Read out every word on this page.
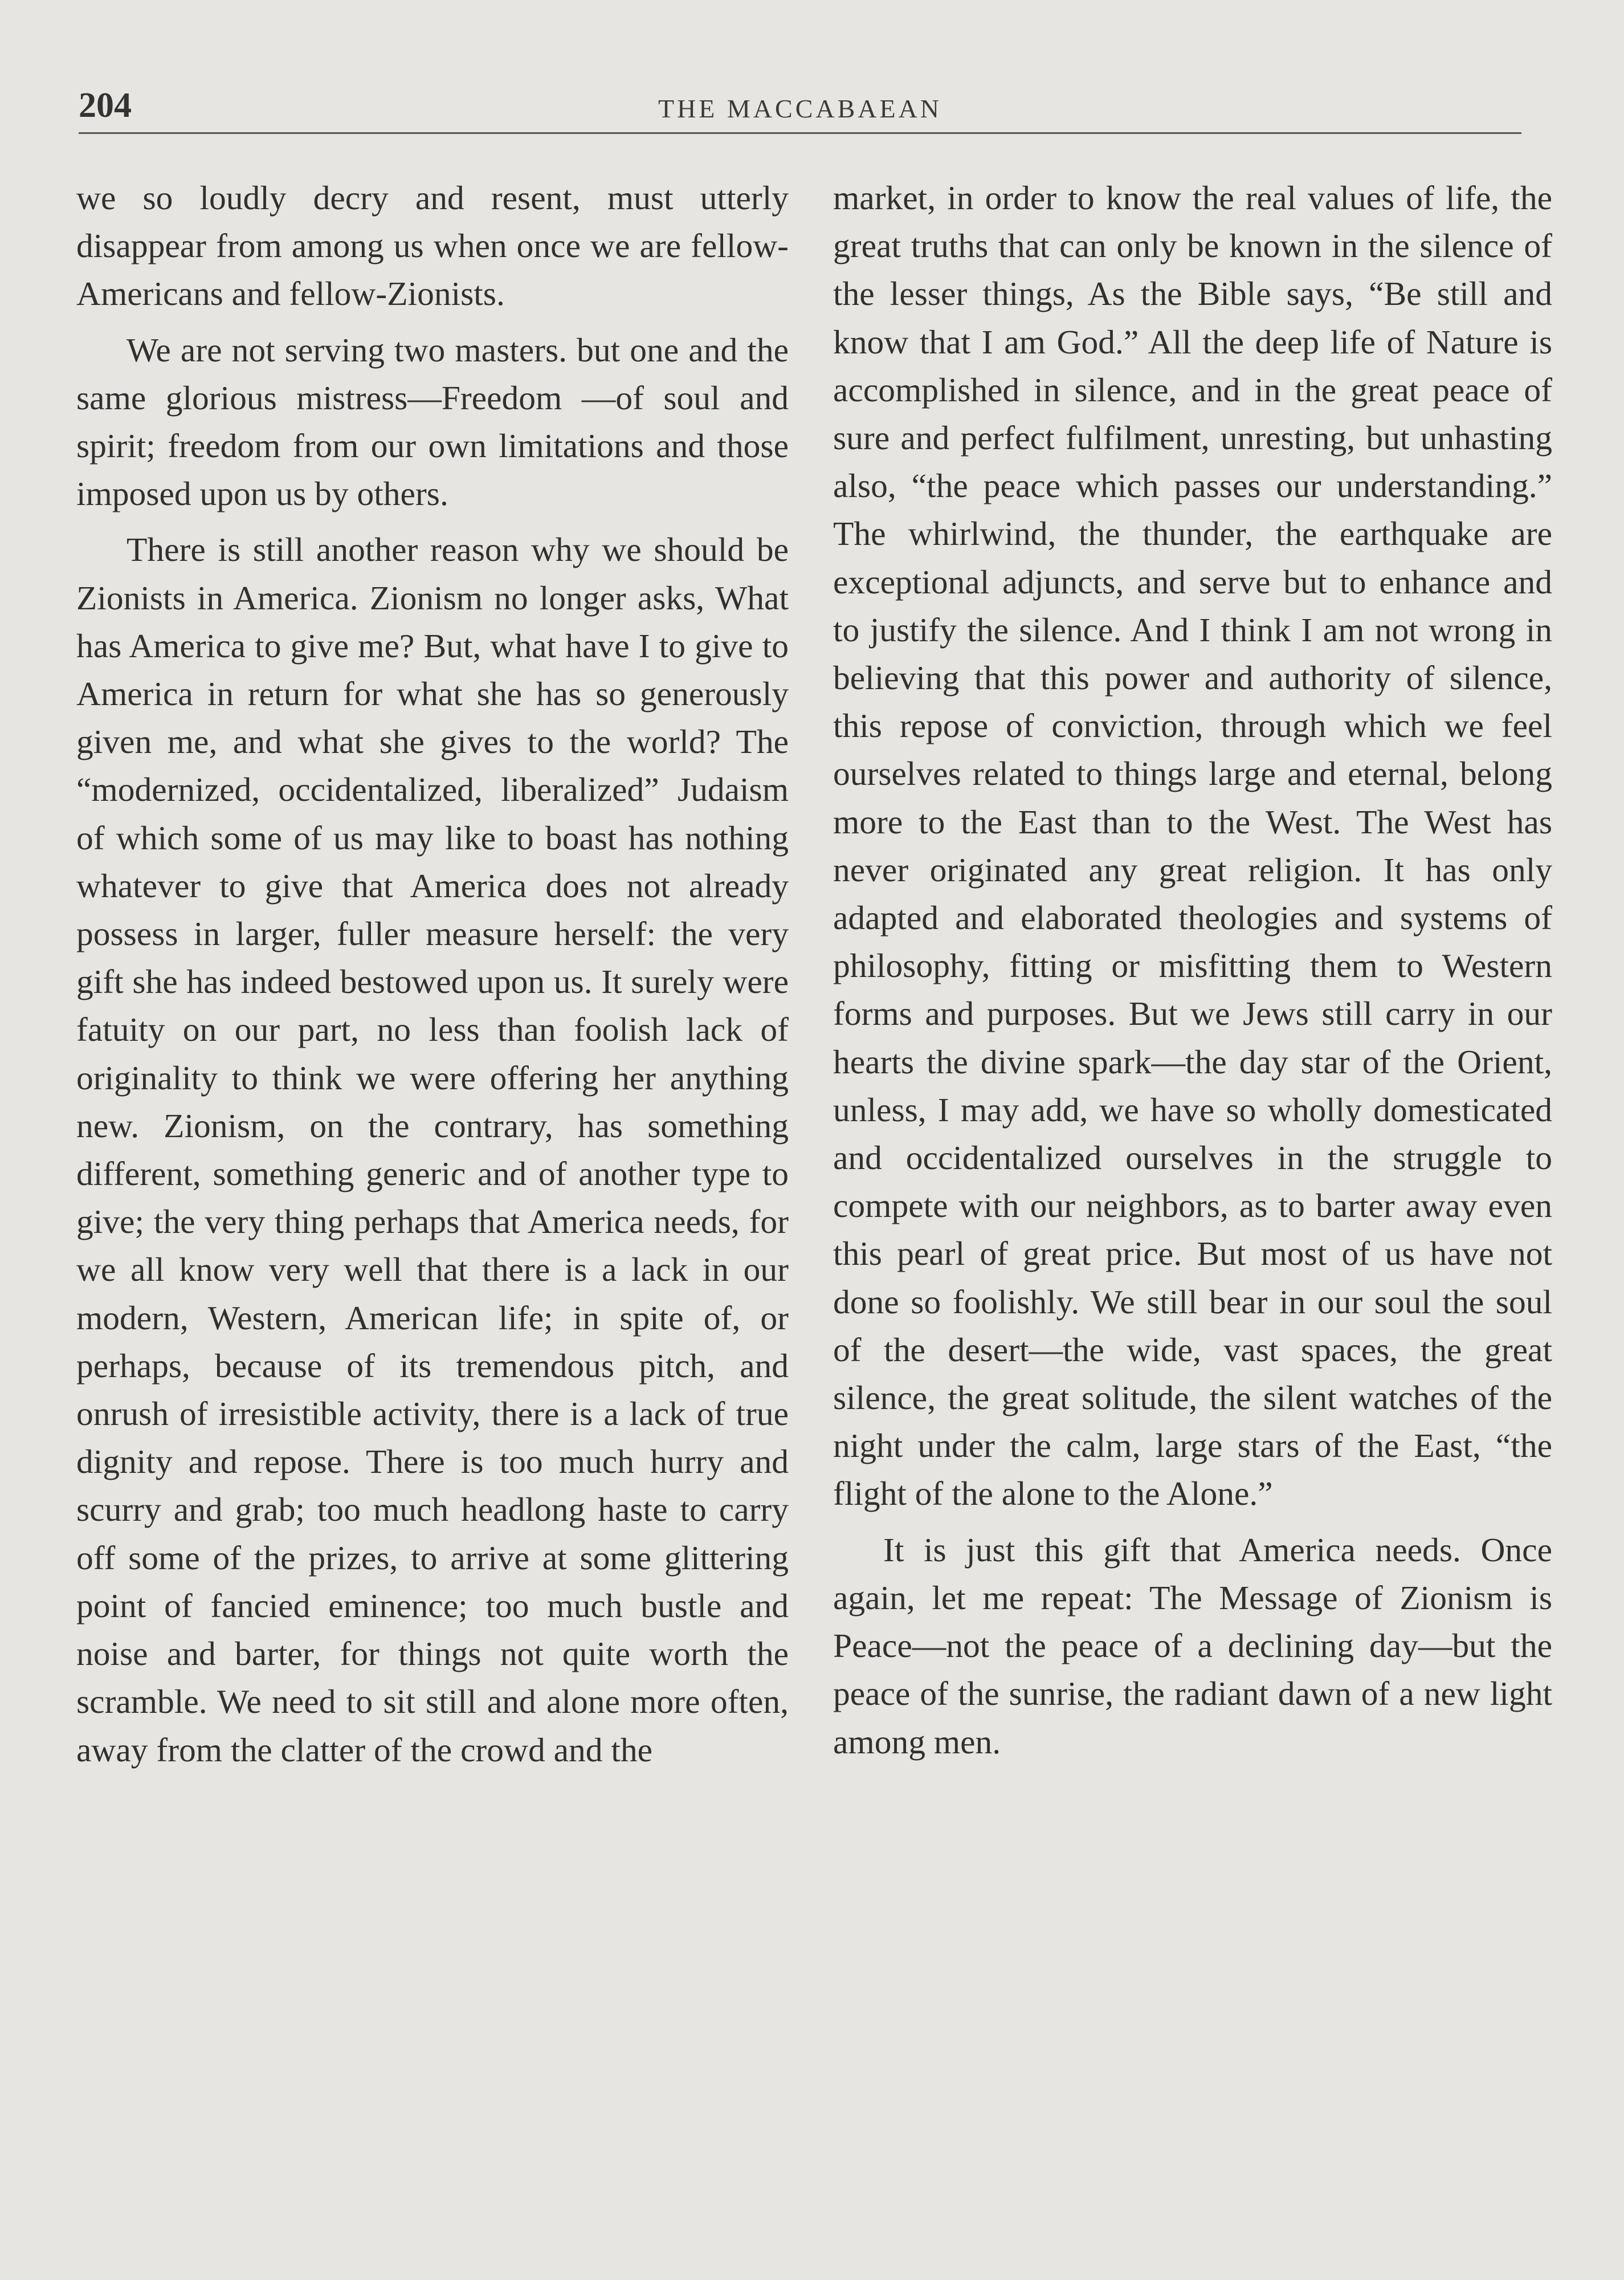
204	THE MACCABAEAN

we so loudly decry and resent, must utterly disappear from among us when once we are fellow-Americans and fellow-Zionists.

We are not serving two masters. but one and the same glorious mistress—Freedom —of soul and spirit; freedom from our own limitations and those imposed upon us by others.

There is still another reason why we should be Zionists in America. Zionism no longer asks, What has America to give me? But, what have I to give to America in return for what she has so generously given me, and what she gives to the world? The “modernized, occidentalized, liberalized” Judaism of which some of us may like to boast has nothing whatever to give that America does not already possess in larger, fuller measure herself: the very gift she has indeed bestowed upon us. It surely were fatuity on our part, no less than foolish lack of originality to think we were offering her anything new. Zionism, on the contrary, has something different, something generic and of another type to give; the very thing perhaps that America needs, for we all know very well that there is a lack in our modern, Western, American life; in spite of, or perhaps, because of its tremendous pitch, and onrush of irresistible activity, there is a lack of true dignity and repose. There is too much hurry and scurry and grab; too much headlong haste to carry off some of the prizes, to arrive at some glittering point of fancied eminence; too much bustle and noise and barter, for things not quite worth the scramble. We need to sit still and alone more often, away from the clatter of the crowd and the

market, in order to know the real values of life, the great truths that can only be known in the silence of the lesser things, As the Bible says, “Be still and know that I am God.” All the deep life of Nature is accomplished in silence, and in the great peace of sure and perfect fulfilment, unresting, but unhasting also, “the peace which passes our understanding.” The whirlwind, the thunder, the earthquake are exceptional adjuncts, and serve but to enhance and to justify the silence. And I think I am not wrong in believing that this power and authority of silence, this repose of conviction, through which we feel ourselves related to things large and eternal, belong more to the East than to the West. The West has never originated any great religion. It has only adapted and elaborated theologies and systems of philosophy, fitting or misfitting them to Western forms and purposes. But we Jews still carry in our hearts the divine spark—the day star of the Orient, unless, I may add, we have so wholly domesticated and occidentalized ourselves in the struggle to compete with our neighbors, as to barter away even this pearl of great price. But most of us have not done so foolishly. We still bear in our soul the soul of the desert—the wide, vast spaces, the great silence, the great solitude, the silent watches of the night under the calm, large stars of the East, “the flight of the alone to the Alone.”

It is just this gift that America needs. Once again, let me repeat: The Message of Zionism is Peace—not the peace of a declining day—but the peace of the sunrise, the radiant dawn of a new light among men.
